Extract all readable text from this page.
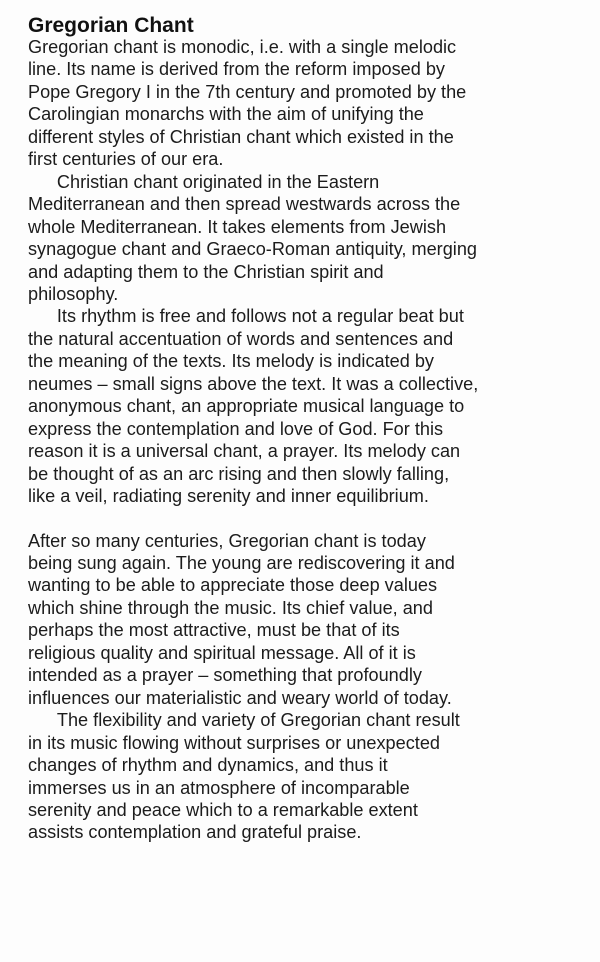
Gregorian Chant
Gregorian chant is monodic, i.e. with a single melodic
line. Its name is derived from the reform imposed by
Pope Gregory I in the 7th century and promoted by the
Carolingian monarchs with the aim of unifying the
different styles of Christian chant which existed in the
first centuries of our era.
Christian chant originated in the Eastern
Mediterranean and then spread westwards across the
whole Mediterranean. It takes elements from Jewish
synagogue chant and Graeco-Roman antiquity, merging
and adapting them to the Christian spirit and
philosophy.
Its rhythm is free and follows not a regular beat but
the natural accentuation of words and sentences and
the meaning of the texts. Its melody is indicated by
neumes – small signs above the text. It was a collective,
anonymous chant, an appropriate musical language to
express the contemplation and love of God. For this
reason it is a universal chant, a prayer. Its melody can
be thought of as an arc rising and then slowly falling,
like a veil, radiating serenity and inner equilibrium.
After so many centuries, Gregorian chant is today
being sung again. The young are rediscovering it and
wanting to be able to appreciate those deep values
which shine through the music. Its chief value, and
perhaps the most attractive, must be that of its
religious quality and spiritual message. All of it is
intended as a prayer – something that profoundly
influences our materialistic and weary world of today.
The flexibility and variety of Gregorian chant result
in its music flowing without surprises or unexpected
changes of rhythm and dynamics, and thus it
immerses us in an atmosphere of incomparable
serenity and peace which to a remarkable extent
assists contemplation and grateful praise.
